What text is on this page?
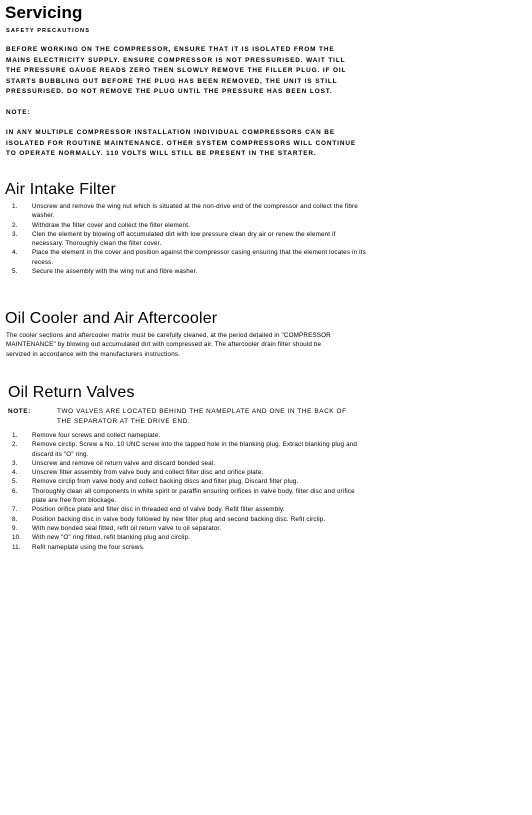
Servicing

SAFETY PRECAUTIONS

BEFORE WORKING ON THE COMPRESSOR, ENSURE THAT IT IS ISOLATED FROM THE MAINS ELECTRICITY SUPPLY. ENSURE COMPRESSOR IS NOT PRESSURISED. WAIT TILL THE PRESSURE GAUGE READS ZERO THEN SLOWLY REMOVE THE FILLER PLUG. IF OIL STARTS BUBBLING OUT BEFORE THE PLUG HAS BEEN REMOVED, THE UNIT IS STILL PRESSURISED. DO NOT REMOVE THE PLUG UNTIL THE PRESSURE HAS BEEN LOST.

NOTE:

IN ANY MULTIPLE COMPRESSOR INSTALLATION INDIVIDUAL COMPRESSORS CAN BE ISOLATED FOR ROUTINE MAINTENANCE. OTHER SYSTEM COMPRESSORS WILL CONTINUE TO OPERATE NORMALLY. 110 VOLTS WILL STILL BE PRESENT IN THE STARTER.

Air Intake Filter
1.	Unscrew and remove the wing nut which is situated at the non-drive end of the compressor and collect the fibre washer.
2.	Withdraw the filter cover and collect the filter element.
3.	Clen the element by blowing off accumulated dirt with low pressure clean dry air or renew the element if necessary. Thoroughly clean the filter cover.
4.	Place the element in the cover and position against the compressor casing ensuring that the element locates in its recess.
5.	Secure the assembly with the wing nut and fibre washer.
Oil Cooler and Air Aftercooler

The cooler sections and aftercooler matrix must be carefully cleaned, at the period detailed in "COMPRESSOR MAINTENANCE" by blowing out accumulated dirt with compressed air. The aftercooler drain filter should be servized in accordance with the manufacturers instructions.

Oil Return Valves
NOTE:	TWO VALVES ARE LOCATED BEHIND THE NAMEPLATE AND ONE IN THE BACK OF THE SEPARATOR AT THE DRIVE END.
1.	Remove four screws and collect nameplate.
2.	Remove circlip. Screw a No. 10 UNC screw into the tapped hole in the blanking plug. Extract blanking plug and discard its "O" ring.
3.	Unscrew and remove oil return valve and discard bonded seal.
4.	Unscrew filter assembly from valve body and collect filter disc and orifice plate.
5.	Remove circlip from valve body and collect backing discs and filter plug. Discard filter plug.
6.	Thoroughly clean all components in white spirit or paraffin ensuring orifices in valve body, filter disc and orifice plate are free from blockage.
7.	Position orifice plate and filter disc in threaded end of valve body. Refit filter assembly.
8.	Position backing disc in valve body followed by new filter plug and second backing disc. Refit circlip.
9.	With new bonded seal fitted, refit oil return valve to oil separator.
10.	With new "O" ring fitted, refit blanking plug and circlip.
11.	Refit nameplate using the four screws.
